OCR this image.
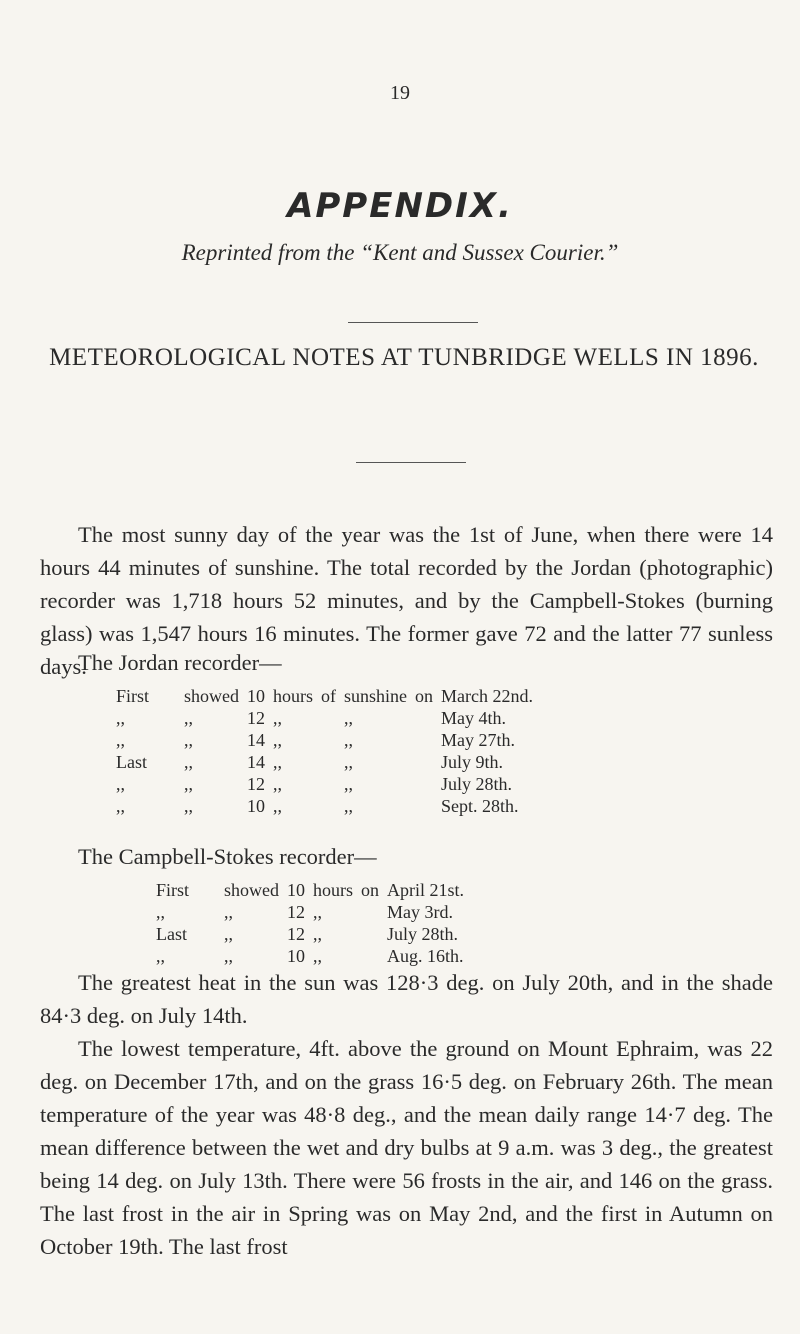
19
APPENDIX.
Reprinted from the “Kent and Sussex Courier.”
METEOROLOGICAL NOTES AT TUNBRIDGE WELLS IN 1896.

The most sunny day of the year was the 1st of June, when there were 14 hours 44 minutes of sunshine. The total recorded by the Jordan (photographic) recorder was 1,718 hours 52 minutes, and by the Campbell-Stokes (burning glass) was 1,547 hours 16 minutes. The former gave 72 and the latter 77 sunless days.

The Jordan recorder—
First	showed	10	hours	of	sunshine	on	March 22nd.
,,	,,	12	,,		,,		May 4th.
,,	,,	14	,,		,,		May 27th.
Last	,,	14	,,		,,		July 9th.
,,	,,	12	,,		,,		July 28th.
,,	,,	10	,,		,,		Sept. 28th.
The Campbell-Stokes recorder—
First	showed	10	hours	on	April 21st.
,,	,,	12	,,		May 3rd.
Last	,,	12	,,		July 28th.
,,	,,	10	,,		Aug. 16th.
The greatest heat in the sun was 128·3 deg. on July 20th, and in the shade 84·3 deg. on July 14th.
The lowest temperature, 4ft. above the ground on Mount Ephraim, was 22 deg. on December 17th, and on the grass 16·5 deg. on February 26th. The mean temperature of the year was 48·8 deg., and the mean daily range 14·7 deg. The mean difference between the wet and dry bulbs at 9 a.m. was 3 deg., the greatest being 14 deg. on July 13th. There were 56 frosts in the air, and 146 on the grass. The last frost in the air in Spring was on May 2nd, and the first in Autumn on October 19th. The last frost
